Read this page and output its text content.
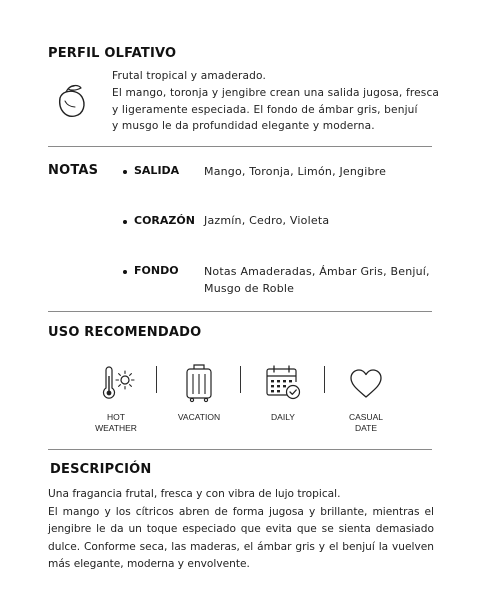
PERFIL OLFATIVO
Frutal tropical y amaderado.
El mango, toronja y jengibre crean una salida jugosa, fresca
y ligeramente especiada. El fondo de ámbar gris, benjuí
y musgo le da profundidad elegante y moderna.
NOTAS	SALIDA Mango, Toronja, Limón, Jengibre
CORAZÓN Jazmín, Cedro, Violeta
FONDO Notas Amaderadas, Ámbar Gris, Benjuí, Musgo de Roble
USO RECOMENDADO
HOT
WEATHER
VACATION	DAILY	CASUAL
DATE
DESCRIPCIÓN

Una fragancia frutal, fresca y con vibra de lujo tropical.

El mango y los cítricos abren de forma jugosa y brillante, mientras el jengibre le da un toque especiado que evita que se sienta demasiado dulce. Conforme seca, las maderas, el ámbar gris y el benjuí la vuelven más elegante, moderna y envolvente.
